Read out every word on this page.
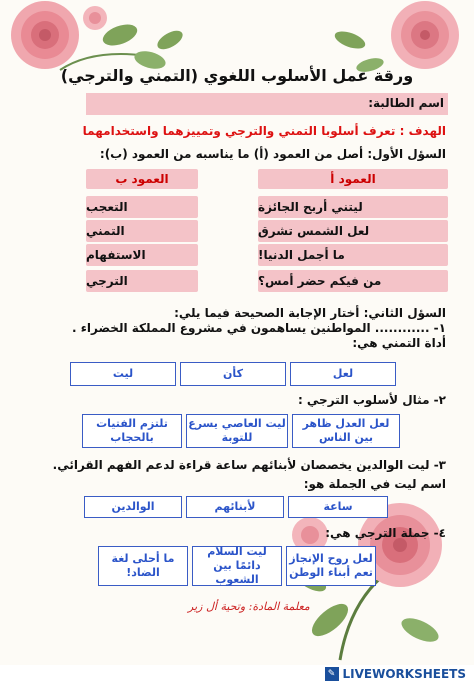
ورقة عمل الأسلوب اللغوي (التمني والترجي)
اسم الطالبة:
الهدف : تعرف أسلوبا التمني والترجي وتمييزهما واستخدامهما
السؤل الأول: أصل من العمود (أ) ما يناسبه من العمود (ب):
العمود أ
العمود ب
ليتني أربح الجائزة
لعل الشمس تشرق
ما أجمل الدنيا!
من فيكم حضر أمس؟
التعجب
التمني
الاستفهام
الترجي
السؤل الثاني: أختار الإجابة الصحيحة فيما يلي:
١- ............ المواطنين يساهمون في مشروع المملكة الخضراء .
أداة التمني هي:
لعل
كأن
ليت
٢- مثال لأسلوب الترجي :
لعل العدل ظاهر بين الناس
ليت العاصي يسرع للتوبة
تلتزم الفتيات بالحجاب
٣- ليت الوالدين يخصصان لأبنائهم ساعة قراءة لدعم الفهم القرائي.
اسم ليت في الجملة هو:
ساعة
لأبنائهم
الوالدين
٤- جملة الترجي هي:
لعل روح الإنجاز تعم أبناء الوطن
ليت السلام دائمًا بين الشعوب
ما أحلى لغة الضاد!
معلمة المادة: وتحية أل زير
✎ LIVEWORKSHEETS
